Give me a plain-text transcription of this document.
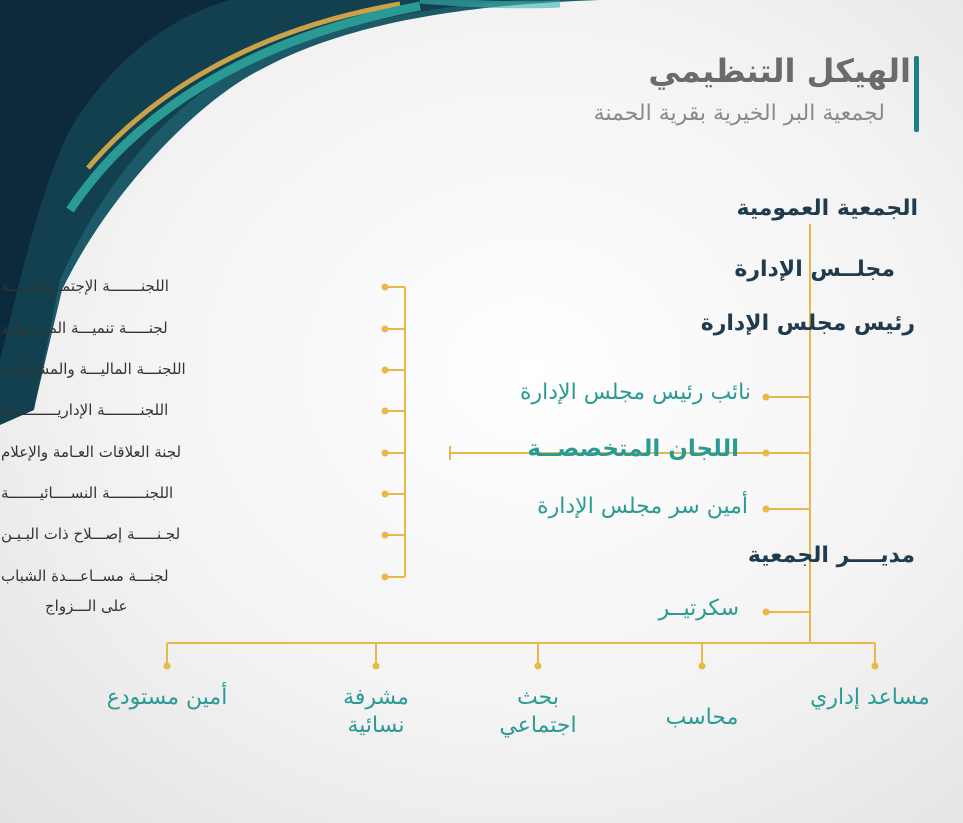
الهيكل التنظيمي
لجمعية البر الخيرية بقرية الحمنة
الجمعية العمومية
مجلــس الإدارة
رئيس مجلس الإدارة
نائب رئيس مجلس الإدارة
اللجان المتخصصــة
أمين سر مجلس الإدارة
مديــــر الجمعية
سكرتيــر
اللجنـــــــة الإجتمـــاعيـــــة
لجنـــــة تنميـــة المـــــوارد
اللجنـــة الماليـــة والمشتريات
اللجنــــــــة الإداريـــــــــــة
لجنة العلاقات العـامة والإعلام
اللجنــــــــة النســــائيـــــــة
لجـنـــــة إصـــلاح ذات البـيـن
لجنـــة مســاعـــدة الشباب
على الـــزواج
مساعد إداري
محاسب
بحث اجتماعي
مشرفة نسائية
أمين مستودع
